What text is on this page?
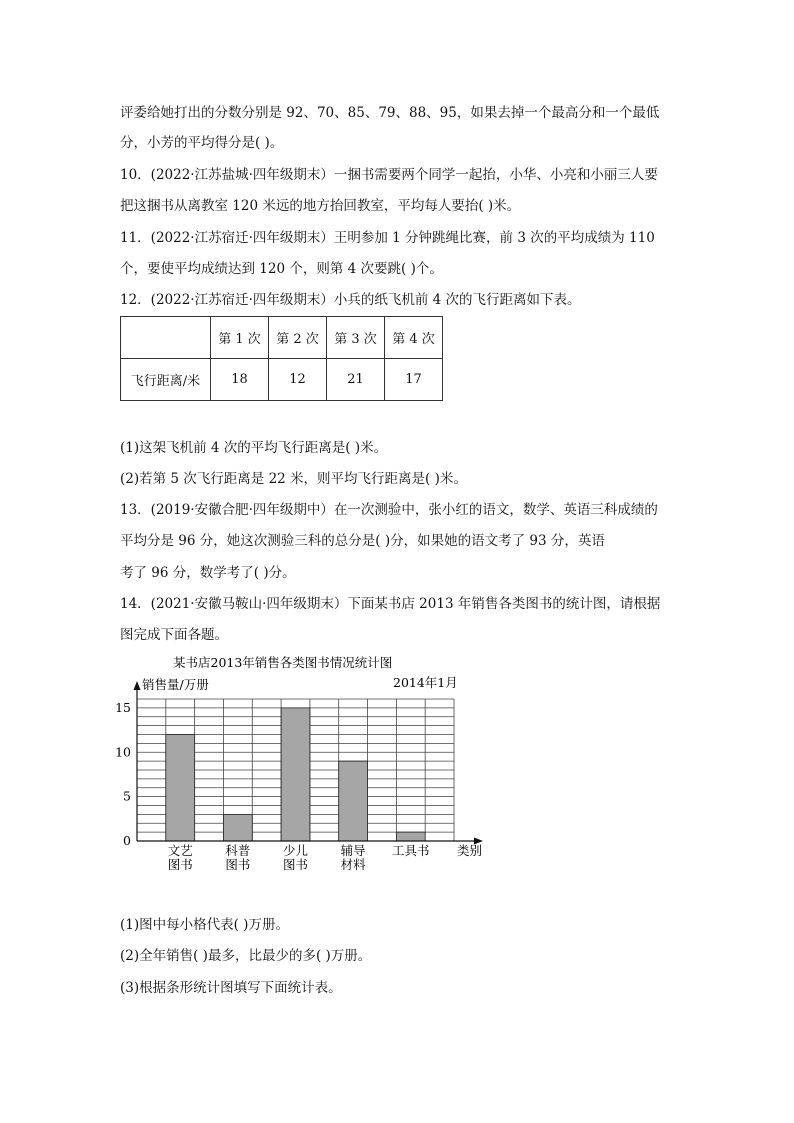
评委给她打出的分数分别是 92、70、85、79、88、95，如果去掉一个最高分和一个最低
分，小芳的平均得分是( )。
10．(2022·江苏盐城·四年级期末）一捆书需要两个同学一起抬，小华、小亮和小丽三人要
把这捆书从离教室 120 米远的地方抬回教室，平均每人要抬( )米。
11．(2022·江苏宿迁·四年级期末）王明参加 1 分钟跳绳比赛，前 3 次的平均成绩为 110
个，要使平均成绩达到 120 个，则第 4 次要跳( )个。
12．(2022·江苏宿迁·四年级期末）小兵的纸飞机前 4 次的飞行距离如下表。
	第 1 次	第 2 次	第 3 次	第 4 次
飞行距离/米	18	12	21	17
(1)这架飞机前 4 次的平均飞行距离是( )米。
(2)若第 5 次飞行距离是 22 米，则平均飞行距离是( )米。
13．(2019·安徽合肥·四年级期中）在一次测验中，张小红的语文，数学、英语三科成绩的
平均分是 96 分，她这次测验三科的总分是( )分，如果她的语文考了 93 分，英语
考了 96 分，数学考了( )分。
14．(2021·安徽马鞍山·四年级期末）下面某书店 2013 年销售各类图书的统计图，请根据
图完成下面各题。
某书店2013年销售各类图书情况统计图
2014年1月
销售量/万册
类别
0
5
10
15
文艺
图书
科普
图书
少儿
图书
辅导
材料
工具书
(1)图中每小格代表( )万册。
(2)全年销售( )最多，比最少的多( )万册。
(3)根据条形统计图填写下面统计表。
